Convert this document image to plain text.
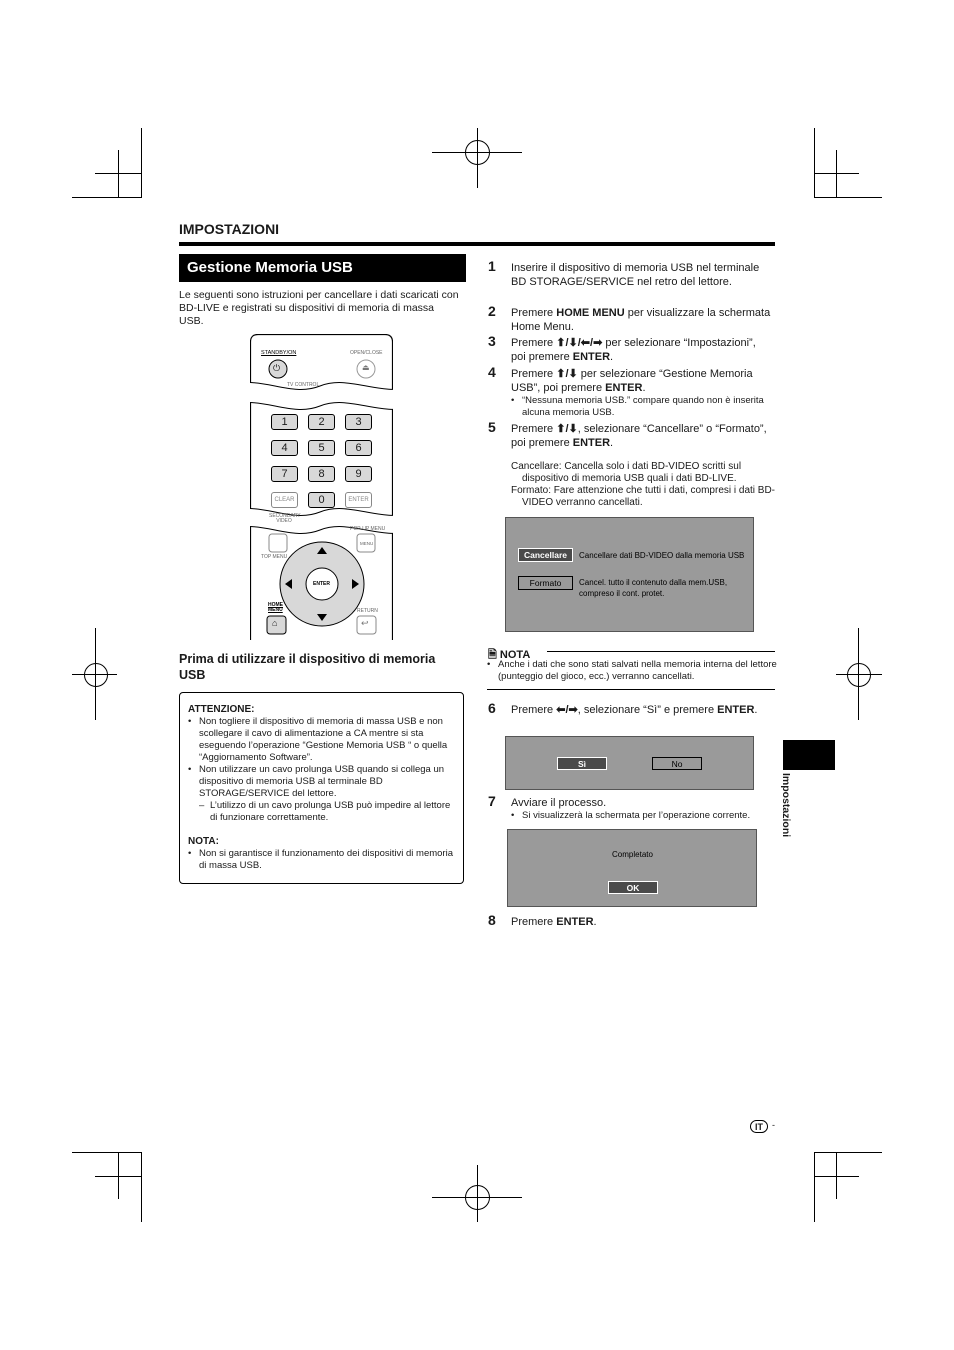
IMPOSTAZIONI
Gestione Memoria USB
Le seguenti sono istruzioni per cancellare i dati scaricati con BD-LIVE e registrati su dispositivi di memoria di massa USB.
STANDBY/ON	OPEN/CLOSE
⏻	⏏
TV CONTROL
1	2	3
4	5	6
7	8	9
CLEAR	0	ENTER
SECONDARY VIDEO
POP-UP MENU
MENU
TOP MENU
ENTER
HOME MENU	RETURN
⌂	↩
Prima di utilizzare il dispositivo di memoria USB
ATTENZIONE:
• Non togliere il dispositivo di memoria di massa USB e non scollegare il cavo di alimentazione a CA mentre si sta eseguendo l’operazione “Gestione Memoria USB “ o quella “Aggiornamento Software”.
• Non utilizzare un cavo prolunga USB quando si collega un dispositivo di memoria USB al terminale BD STORAGE/SERVICE del lettore.
– L’utilizzo di un cavo prolunga USB può impedire al lettore di funzionare correttamente.
NOTA:
• Non si garantisce il funzionamento dei dispositivi di memoria di massa USB.
1 Inserire il dispositivo di memoria USB nel terminale BD STORAGE/SERVICE nel retro del lettore.
2 Premere HOME MENU per visualizzare la schermata Home Menu.
3 Premere ⬆/⬇/⬅/➡ per selezionare “Impostazioni”, poi premere ENTER.
4 Premere ⬆/⬇ per selezionare “Gestione Memoria USB”, poi premere ENTER.
• “Nessuna memoria USB.” compare quando non è inserita alcuna memoria USB.
5 Premere ⬆/⬇, selezionare “Cancellare” o “Formato”, poi premere ENTER.
Cancellare: Cancella solo i dati BD-VIDEO scritti sul dispositivo di memoria USB quali i dati BD-LIVE.
Formato: Fare attenzione che tutti i dati, compresi i dati BD-VIDEO verranno cancellati.
Cancellare	Cancellare dati BD-VIDEO dalla memoria USB
Formato	Cancel. tutto il contenuto dalla mem.USB, compreso il cont. protet.
🗎 NOTA
• Anche i dati che sono stati salvati nella memoria interna del lettore (punteggio del gioco, ecc.) verranno cancellati.
6 Premere ⬅/➡, selezionare “Sì” e premere ENTER.
Sì	No
7 Avviare il processo.
• Si visualizzerà la schermata per l’operazione corrente.
Completato
OK
8 Premere ENTER.
Impostazioni
IT	-
